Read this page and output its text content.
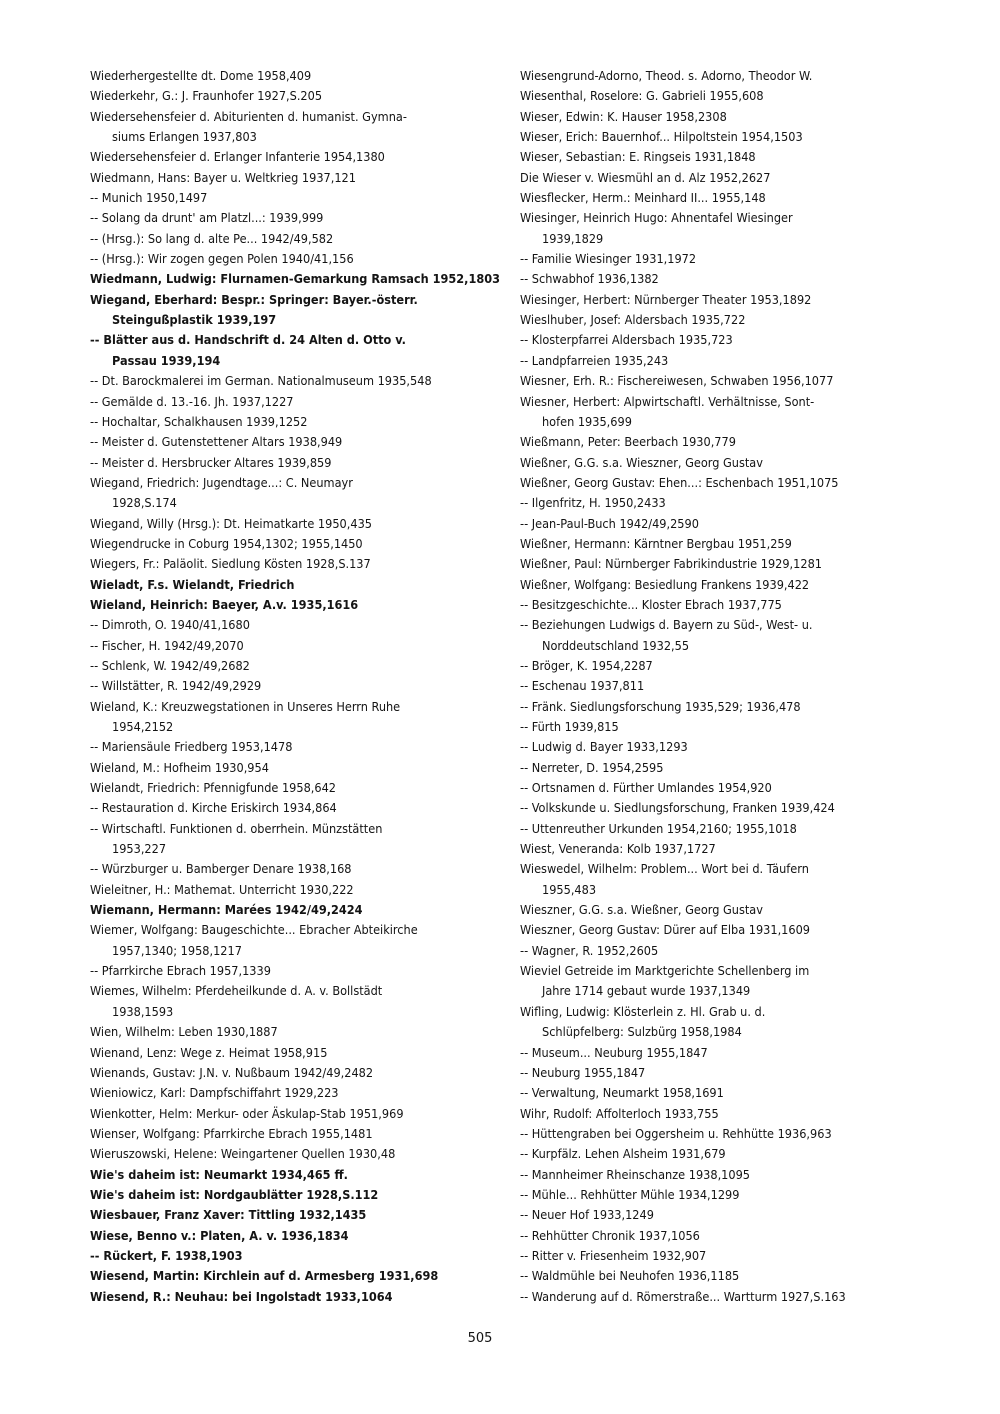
Wiederhergestellte dt. Dome 1958,409
Wiederkehr, G.: J. Fraunhofer 1927,S.205
Wiedersehensfeier d. Abiturienten d. humanist. Gymna-
siums Erlangen 1937,803
Wiedersehensfeier d. Erlanger Infanterie 1954,1380
Wiedmann, Hans: Bayer u. Weltkrieg 1937,121
-- Munich 1950,1497
-- Solang da drunt' am Platzl...: 1939,999
-- (Hrsg.): So lang d. alte Pe... 1942/49,582
-- (Hrsg.): Wir zogen gegen Polen 1940/41,156
Wiedmann, Ludwig: Flurnamen-Gemarkung Ramsach 1952,1803
Wiegand, Eberhard: Bespr.: Springer: Bayer.-österr.
Steingußplastik 1939,197
-- Blätter aus d. Handschrift d. 24 Alten d. Otto v.
Passau 1939,194
-- Dt. Barockmalerei im German. Nationalmuseum 1935,548
-- Gemälde d. 13.-16. Jh. 1937,1227
-- Hochaltar, Schalkhausen 1939,1252
-- Meister d. Gutenstettener Altars 1938,949
-- Meister d. Hersbrucker Altares 1939,859
Wiegand, Friedrich: Jugendtage...: C. Neumayr
1928,S.174
Wiegand, Willy (Hrsg.): Dt. Heimatkarte 1950,435
Wiegendrucke in Coburg 1954,1302; 1955,1450
Wiegers, Fr.: Paläolit. Siedlung Kösten 1928,S.137
Wieladt, F.s. Wielandt, Friedrich
Wieland, Heinrich: Baeyer, A.v. 1935,1616
-- Dimroth, O. 1940/41,1680
-- Fischer, H. 1942/49,2070
-- Schlenk, W. 1942/49,2682
-- Willstätter, R. 1942/49,2929
Wieland, K.: Kreuzwegstationen in Unseres Herrn Ruhe
1954,2152
-- Mariensäule Friedberg 1953,1478
Wieland, M.: Hofheim 1930,954
Wielandt, Friedrich: Pfennigfunde 1958,642
-- Restauration d. Kirche Eriskirch 1934,864
-- Wirtschaftl. Funktionen d. oberrhein. Münzstätten
1953,227
-- Würzburger u. Bamberger Denare 1938,168
Wieleitner, H.: Mathemat. Unterricht 1930,222
Wiemann, Hermann: Marées 1942/49,2424
Wiemer, Wolfgang: Baugeschichte... Ebracher Abteikirche
1957,1340; 1958,1217
-- Pfarrkirche Ebrach 1957,1339
Wiemes, Wilhelm: Pferdeheilkunde d. A. v. Bollstädt
1938,1593
Wien, Wilhelm: Leben 1930,1887
Wienand, Lenz: Wege z. Heimat 1958,915
Wienands, Gustav: J.N. v. Nußbaum 1942/49,2482
Wieniowicz, Karl: Dampfschiffahrt 1929,223
Wienkotter, Helm: Merkur- oder Äskulap-Stab 1951,969
Wienser, Wolfgang: Pfarrkirche Ebrach 1955,1481
Wieruszowski, Helene: Weingartener Quellen 1930,48
Wie's daheim ist: Neumarkt 1934,465 ff.
Wie's daheim ist: Nordgaublätter 1928,S.112
Wiesbauer, Franz Xaver: Tittling 1932,1435
Wiese, Benno v.: Platen, A. v. 1936,1834
-- Rückert, F. 1938,1903
Wiesend, Martin: Kirchlein auf d. Armesberg 1931,698
Wiesend, R.: Neuhau: bei Ingolstadt 1933,1064
Wiesengrund-Adorno, Theod. s. Adorno, Theodor W.
Wiesenthal, Roselore: G. Gabrieli 1955,608
Wieser, Edwin: K. Hauser 1958,2308
Wieser, Erich: Bauernhof... Hilpoltstein 1954,1503
Wieser, Sebastian: E. Ringseis 1931,1848
Die Wieser v. Wiesmühl an d. Alz 1952,2627
Wiesflecker, Herm.: Meinhard II... 1955,148
Wiesinger, Heinrich Hugo: Ahnentafel Wiesinger
1939,1829
-- Familie Wiesinger 1931,1972
-- Schwabhof 1936,1382
Wiesinger, Herbert: Nürnberger Theater 1953,1892
Wieslhuber, Josef: Aldersbach 1935,722
-- Klosterpfarrei Aldersbach 1935,723
-- Landpfarreien 1935,243
Wiesner, Erh. R.: Fischereiwesen, Schwaben 1956,1077
Wiesner, Herbert: Alpwirtschaftl. Verhältnisse, Sont-
hofen 1935,699
Wießmann, Peter: Beerbach 1930,779
Wießner, G.G. s.a. Wieszner, Georg Gustav
Wießner, Georg Gustav: Ehen...: Eschenbach 1951,1075
-- Ilgenfritz, H. 1950,2433
-- Jean-Paul-Buch 1942/49,2590
Wießner, Hermann: Kärntner Bergbau 1951,259
Wießner, Paul: Nürnberger Fabrikindustrie 1929,1281
Wießner, Wolfgang: Besiedlung Frankens 1939,422
-- Besitzgeschichte... Kloster Ebrach 1937,775
-- Beziehungen Ludwigs d. Bayern zu Süd-, West- u.
Norddeutschland 1932,55
-- Bröger, K. 1954,2287
-- Eschenau 1937,811
-- Fränk. Siedlungsforschung 1935,529; 1936,478
-- Fürth 1939,815
-- Ludwig d. Bayer 1933,1293
-- Nerreter, D. 1954,2595
-- Ortsnamen d. Fürther Umlandes 1954,920
-- Volkskunde u. Siedlungsforschung, Franken 1939,424
-- Uttenreuther Urkunden 1954,2160; 1955,1018
Wiest, Veneranda: Kolb 1937,1727
Wieswedel, Wilhelm: Problem... Wort bei d. Täufern
1955,483
Wieszner, G.G. s.a. Wießner, Georg Gustav
Wieszner, Georg Gustav: Dürer auf Elba 1931,1609
-- Wagner, R. 1952,2605
Wieviel Getreide im Marktgerichte Schellenberg im
Jahre 1714 gebaut wurde 1937,1349
Wifling, Ludwig: Klösterlein z. Hl. Grab u. d.
Schlüpfelberg: Sulzbürg 1958,1984
-- Museum... Neuburg 1955,1847
-- Neuburg 1955,1847
-- Verwaltung, Neumarkt 1958,1691
Wihr, Rudolf: Affolterloch 1933,755
-- Hüttengraben bei Oggersheim u. Rehhütte 1936,963
-- Kurpfälz. Lehen Alsheim 1931,679
-- Mannheimer Rheinschanze 1938,1095
-- Mühle... Rehhütter Mühle 1934,1299
-- Neuer Hof 1933,1249
-- Rehhütter Chronik 1937,1056
-- Ritter v. Friesenheim 1932,907
-- Waldmühle bei Neuhofen 1936,1185
-- Wanderung auf d. Römerstraße... Wartturm 1927,S.163
505
